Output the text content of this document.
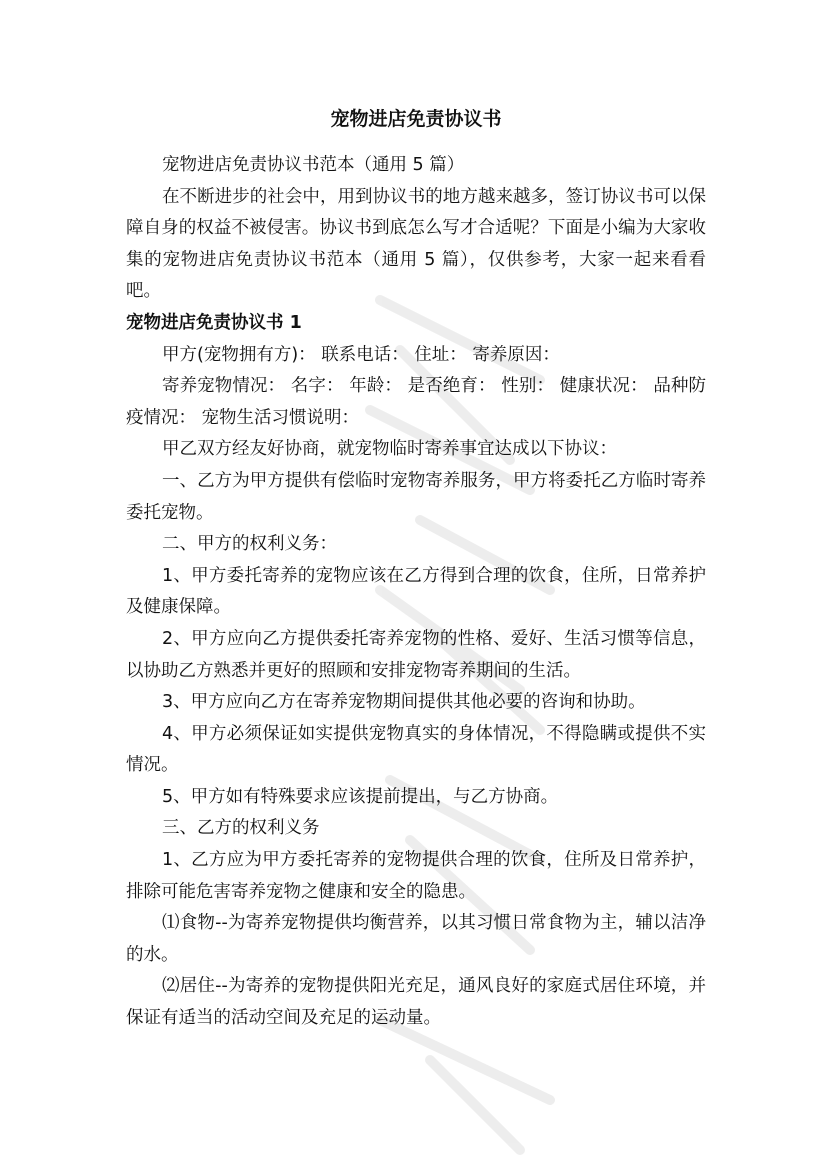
宠物进店免责协议书

宠物进店免责协议书范本（通用 5 篇）

在不断进步的社会中，用到协议书的地方越来越多，签订协议书可以保障自身的权益不被侵害。协议书到底怎么写才合适呢？下面是小编为大家收集的宠物进店免责协议书范本（通用 5 篇），仅供参考，大家一起来看看吧。

宠物进店免责协议书 1

甲方(宠物拥有方)： 联系电话： 住址： 寄养原因：

寄养宠物情况： 名字： 年龄： 是否绝育： 性别： 健康状况： 品种防疫情况： 宠物生活习惯说明：

甲乙双方经友好协商，就宠物临时寄养事宜达成以下协议：

一、乙方为甲方提供有偿临时宠物寄养服务，甲方将委托乙方临时寄养委托宠物。

二、甲方的权利义务：

1、甲方委托寄养的宠物应该在乙方得到合理的饮食，住所，日常养护及健康保障。

2、甲方应向乙方提供委托寄养宠物的性格、爱好、生活习惯等信息，以协助乙方熟悉并更好的照顾和安排宠物寄养期间的生活。

3、甲方应向乙方在寄养宠物期间提供其他必要的咨询和协助。

4、甲方必须保证如实提供宠物真实的身体情况，不得隐瞒或提供不实情况。

5、甲方如有特殊要求应该提前提出，与乙方协商。

三、乙方的权利义务

1、乙方应为甲方委托寄养的宠物提供合理的饮食，住所及日常养护，排除可能危害寄养宠物之健康和安全的隐患。

⑴食物--为寄养宠物提供均衡营养，以其习惯日常食物为主，辅以洁净的水。

⑵居住--为寄养的宠物提供阳光充足，通风良好的家庭式居住环境，并保证有适当的活动空间及充足的运动量。
